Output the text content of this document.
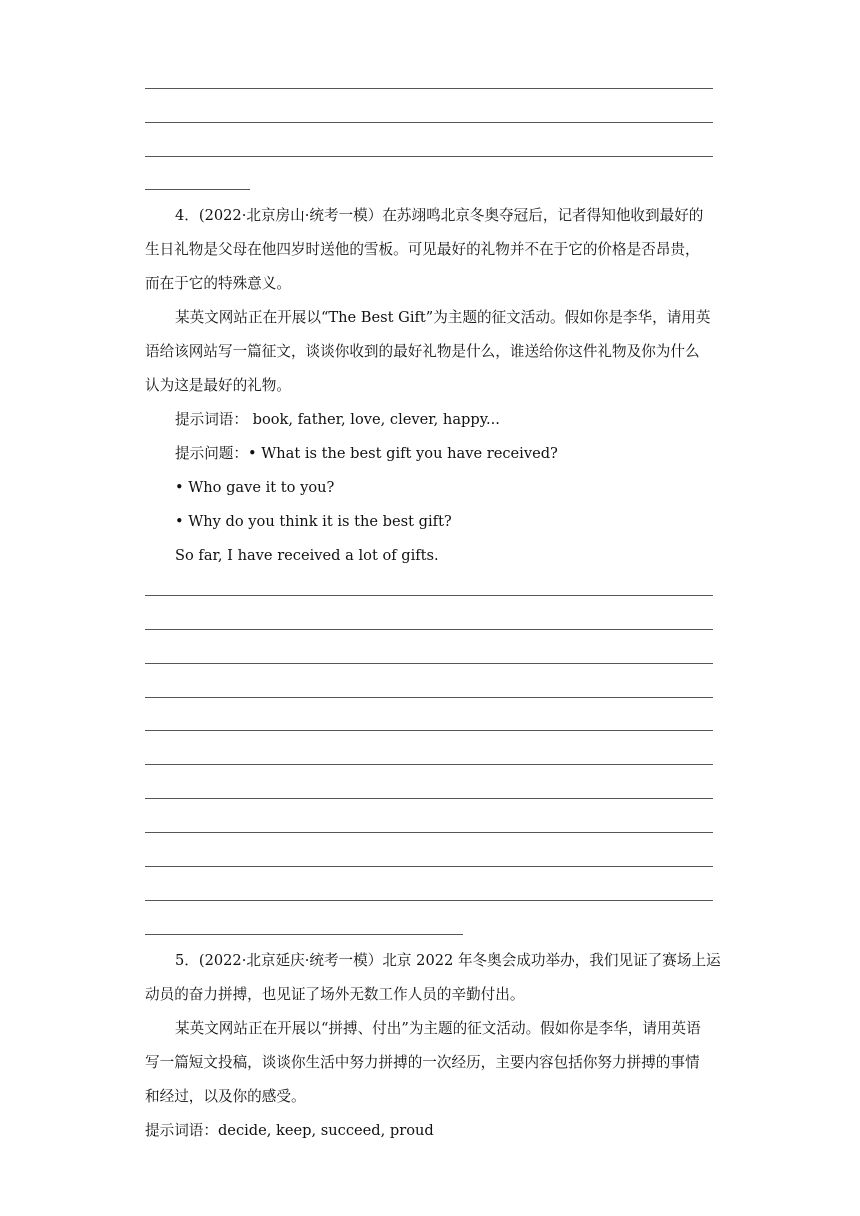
4．(2022·北京房山·统考一模）在苏翊鸣北京冬奥夺冠后，记者得知他收到最好的
生日礼物是父母在他四岁时送他的雪板。可见最好的礼物并不在于它的价格是否昂贵，
而在于它的特殊意义。
某英文网站正在开展以“The Best Gift”为主题的征文活动。假如你是李华，请用英
语给该网站写一篇征文，谈谈你收到的最好礼物是什么，谁送给你这件礼物及你为什么
认为这是最好的礼物。
提示词语： book, father, love, clever, happy...
提示问题：• What is the best gift you have received?
• Who gave it to you?
• Why do you think it is the best gift?
So far, I have received a lot of gifts.
5．(2022·北京延庆·统考一模）北京 2022 年冬奥会成功举办，我们见证了赛场上运
动员的奋力拼搏，也见证了场外无数工作人员的辛勤付出。
某英文网站正在开展以“拼搏、付出”为主题的征文活动。假如你是李华，请用英语
写一篇短文投稿，谈谈你生活中努力拼搏的一次经历，主要内容包括你努力拼搏的事情
和经过，以及你的感受。
提示词语：decide, keep, succeed, proud
